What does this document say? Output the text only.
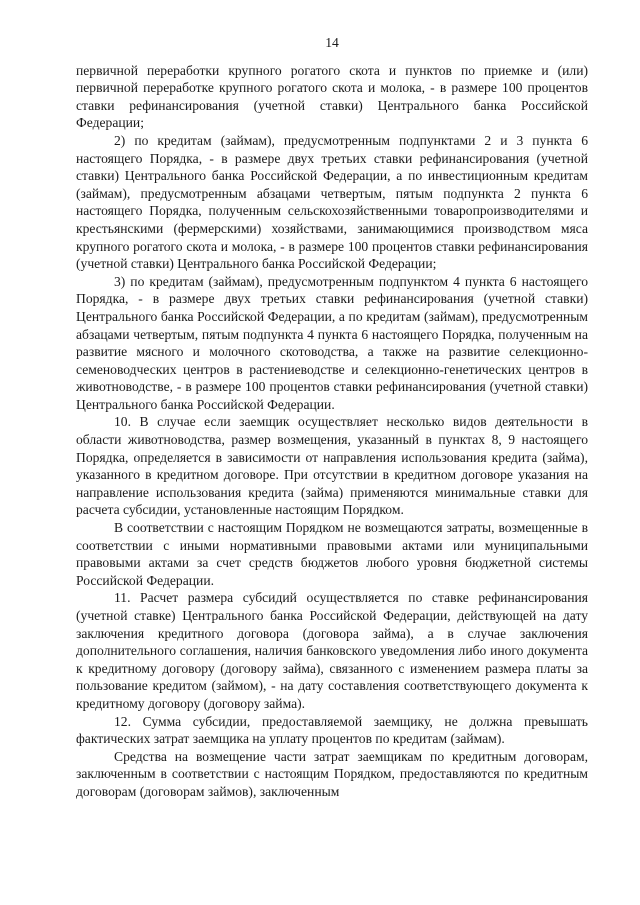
14

первичной переработки крупного рогатого скота и пунктов по приемке и (или) первичной переработке крупного рогатого скота и молока, - в размере 100 процентов ставки рефинансирования (учетной ставки) Центрального банка Российской Федерации;

2) по кредитам (займам), предусмотренным подпунктами 2 и 3 пункта 6 настоящего Порядка, - в размере двух третьих ставки рефинансирования (учетной ставки) Центрального банка Российской Федерации, а по инвестиционным кредитам (займам), предусмотренным абзацами четвертым, пятым подпункта 2 пункта 6 настоящего Порядка, полученным сельскохозяйственными товаропроизводителями и крестьянскими (фермерскими) хозяйствами, занимающимися производством мяса крупного рогатого скота и молока, - в размере 100 процентов ставки рефинансирования (учетной ставки) Центрального банка Российской Федерации;

3) по кредитам (займам), предусмотренным подпунктом 4 пункта 6 настоящего Порядка, - в размере двух третьих ставки рефинансирования (учетной ставки) Центрального банка Российской Федерации, а по кредитам (займам), предусмотренным абзацами четвертым, пятым подпункта 4 пункта 6 настоящего Порядка, полученным на развитие мясного и молочного скотоводства, а также на развитие селекционно-семеноводческих центров в растениеводстве и селекционно-генетических центров в животноводстве, - в размере 100 процентов ставки рефинансирования (учетной ставки) Центрального банка Российской Федерации.

10. В случае если заемщик осуществляет несколько видов деятельности в области животноводства, размер возмещения, указанный в пунктах 8, 9 настоящего Порядка, определяется в зависимости от направления использования кредита (займа), указанного в кредитном договоре. При отсутствии в кредитном договоре указания на направление использования кредита (займа) применяются минимальные ставки для расчета субсидии, установленные настоящим Порядком.

В соответствии с настоящим Порядком не возмещаются затраты, возмещенные в соответствии с иными нормативными правовыми актами или муниципальными правовыми актами за счет средств бюджетов любого уровня бюджетной системы Российской Федерации.

11. Расчет размера субсидий осуществляется по ставке рефинансирования (учетной ставке) Центрального банка Российской Федерации, действующей на дату заключения кредитного договора (договора займа), а в случае заключения дополнительного соглашения, наличия банковского уведомления либо иного документа к кредитному договору (договору займа), связанного с изменением размера платы за пользование кредитом (займом), - на дату составления соответствующего документа к кредитному договору (договору займа).

12. Сумма субсидии, предоставляемой заемщику, не должна превышать фактических затрат заемщика на уплату процентов по кредитам (займам).

Средства на возмещение части затрат заемщикам по кредитным договорам, заключенным в соответствии с настоящим Порядком, предоставляются по кредитным договорам (договорам займов), заключенным
